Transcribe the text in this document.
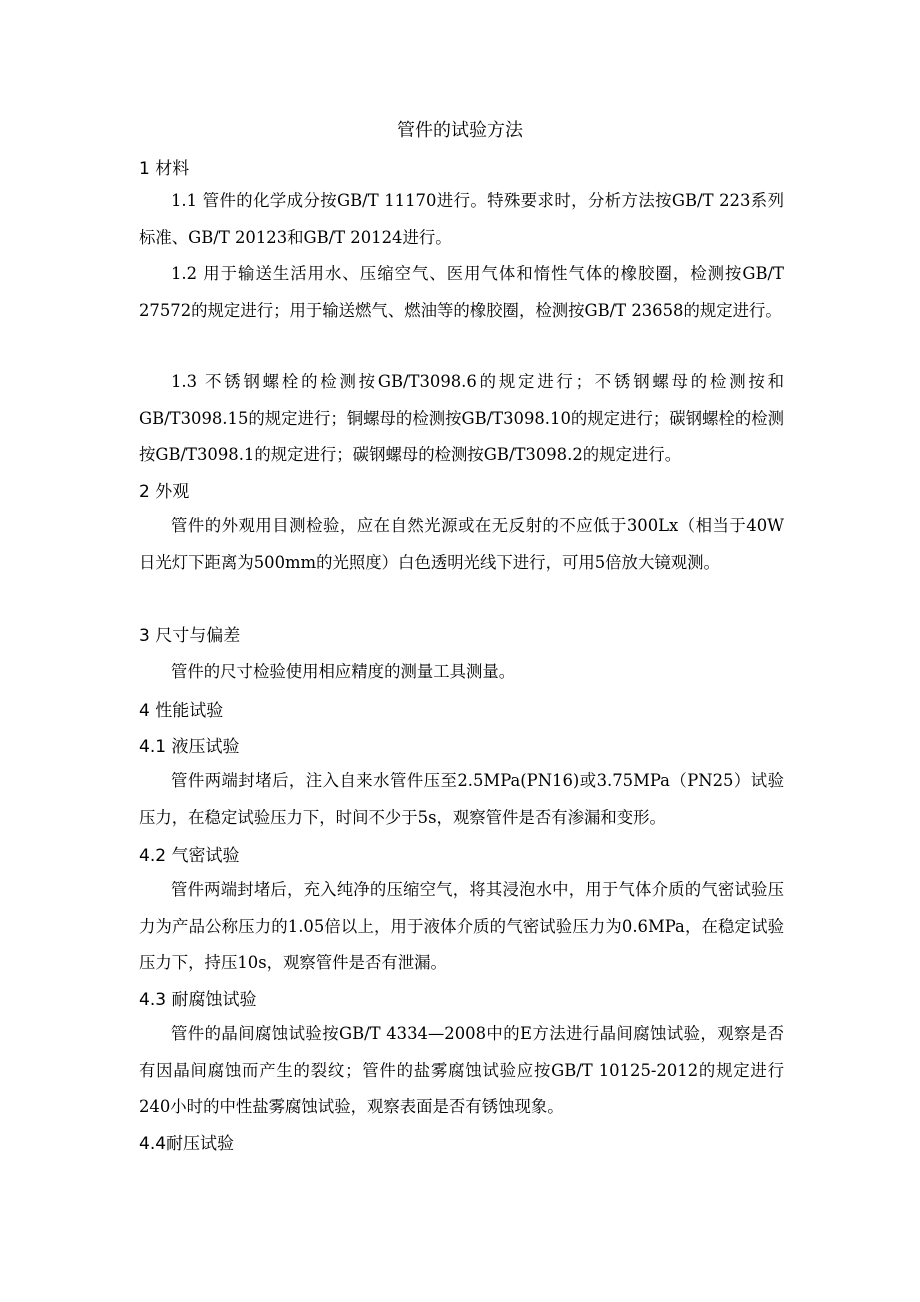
管件的试验方法
1 材料

1.1 管件的化学成分按GB/T 11170进行。特殊要求时，分析方法按GB/T 223系列标准、GB/T 20123和GB/T 20124进行。

1.2 用于输送生活用水、压缩空气、医用气体和惰性气体的橡胶圈，检测按GB/T 27572的规定进行；用于输送燃气、燃油等的橡胶圈，检测按GB/T 23658的规定进行。

1.3 不锈钢螺栓的检测按GB/T3098.6的规定进行；不锈钢螺母的检测按和GB/T3098.15的规定进行；铜螺母的检测按GB/T3098.10的规定进行；碳钢螺栓的检测按GB/T3098.1的规定进行；碳钢螺母的检测按GB/T3098.2的规定进行。

2 外观

管件的外观用目测检验，应在自然光源或在无反射的不应低于300Lx（相当于40W日光灯下距离为500mm的光照度）白色透明光线下进行，可用5倍放大镜观测。

3 尺寸与偏差

管件的尺寸检验使用相应精度的测量工具测量。

4 性能试验
4.1 液压试验

管件两端封堵后，注入自来水管件压至2.5MPa(PN16)或3.75MPa（PN25）试验压力，在稳定试验压力下，时间不少于5s，观察管件是否有渗漏和变形。

4.2 气密试验

管件两端封堵后，充入纯净的压缩空气，将其浸泡水中，用于气体介质的气密试验压力为产品公称压力的1.05倍以上，用于液体介质的气密试验压力为0.6MPa，在稳定试验压力下，持压10s，观察管件是否有泄漏。

4.3 耐腐蚀试验

管件的晶间腐蚀试验按GB/T 4334—2008中的E方法进行晶间腐蚀试验，观察是否有因晶间腐蚀而产生的裂纹；管件的盐雾腐蚀试验应按GB/T 10125-2012的规定进行240小时的中性盐雾腐蚀试验，观察表面是否有锈蚀现象。

4.4耐压试验
